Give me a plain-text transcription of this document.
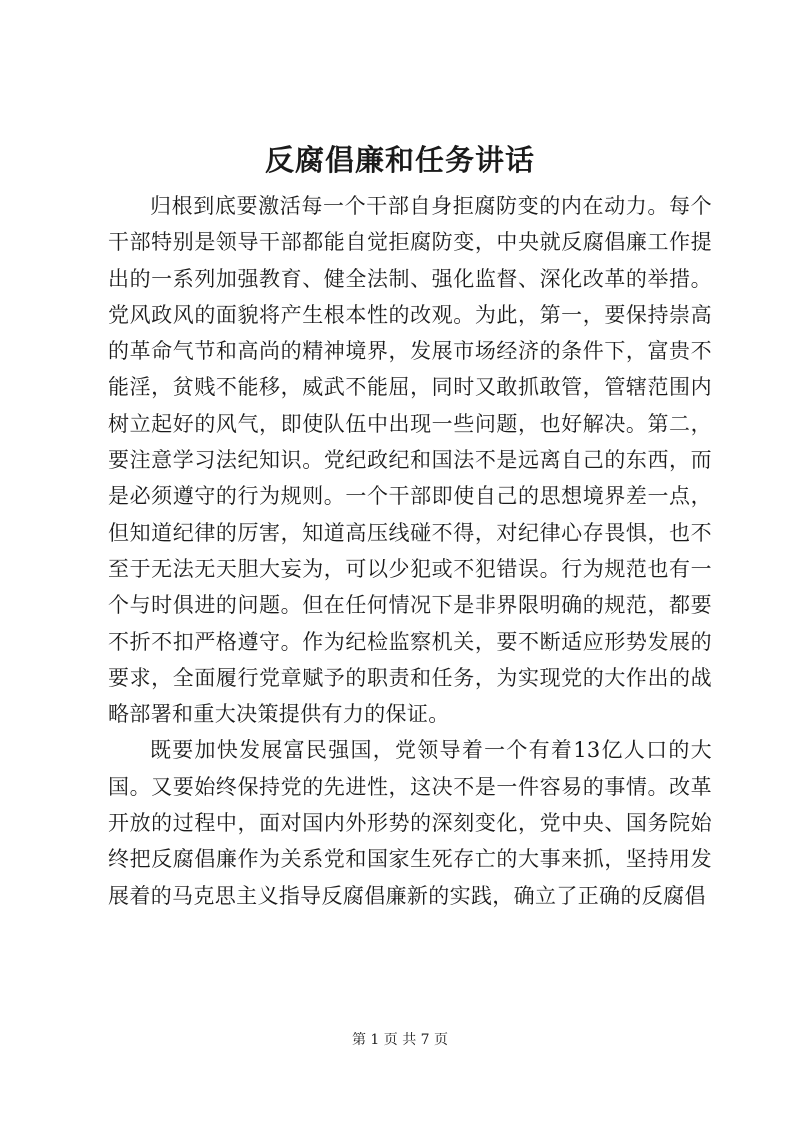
反腐倡廉和任务讲话

归根到底要激活每一个干部自身拒腐防变的内在动力。每个干部特别是领导干部都能自觉拒腐防变，中央就反腐倡廉工作提出的一系列加强教育、健全法制、强化监督、深化改革的举措。党风政风的面貌将产生根本性的改观。为此，第一，要保持崇高的革命气节和高尚的精神境界，发展市场经济的条件下，富贵不能淫，贫贱不能移，威武不能屈，同时又敢抓敢管，管辖范围内树立起好的风气，即使队伍中出现一些问题，也好解决。第二，要注意学习法纪知识。党纪政纪和国法不是远离自己的东西，而是必须遵守的行为规则。一个干部即使自己的思想境界差一点，但知道纪律的厉害，知道高压线碰不得，对纪律心存畏惧，也不至于无法无天胆大妄为，可以少犯或不犯错误。行为规范也有一个与时俱进的问题。但在任何情况下是非界限明确的规范，都要不折不扣严格遵守。作为纪检监察机关，要不断适应形势发展的要求，全面履行党章赋予的职责和任务，为实现党的大作出的战略部署和重大决策提供有力的保证。

既要加快发展富民强国，党领导着一个有着13亿人口的大国。又要始终保持党的先进性，这决不是一件容易的事情。改革开放的过程中，面对国内外形势的深刻变化，党中央、国务院始终把反腐倡廉作为关系党和国家生死存亡的大事来抓，坚持用发展着的马克思主义指导反腐倡廉新的实践，确立了正确的反腐倡

第 1 页 共 7 页
